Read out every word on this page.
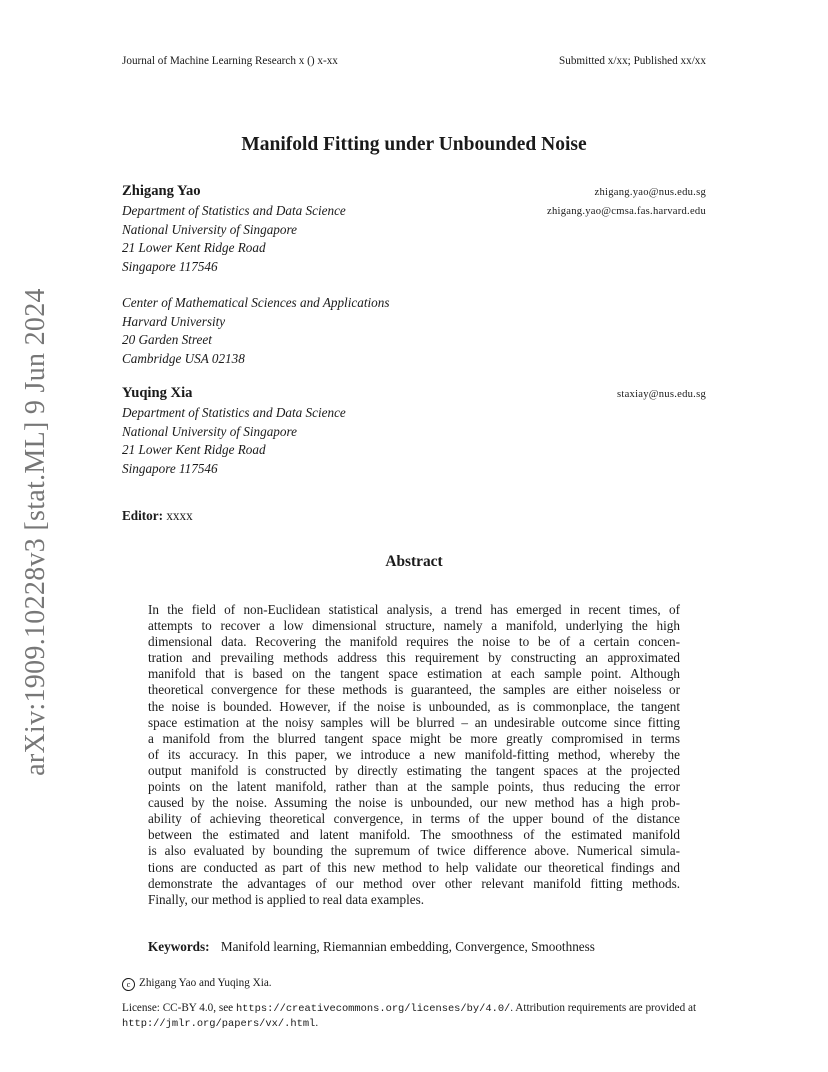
arXiv:1909.10228v3 [stat.ML] 9 Jun 2024
Journal of Machine Learning Research x () x-xx	Submitted x/xx; Published xx/xx
Manifold Fitting under Unbounded Noise
Zhigang Yao	zhigang.yao@nus.edu.sg
zhigang.yao@cmsa.fas.harvard.edu
Department of Statistics and Data Science
National University of Singapore
21 Lower Kent Ridge Road
Singapore 117546
Center of Mathematical Sciences and Applications
Harvard University
20 Garden Street
Cambridge USA 02138
Yuqing Xia	staxiay@nus.edu.sg
Department of Statistics and Data Science
National University of Singapore
21 Lower Kent Ridge Road
Singapore 117546
Editor: xxxx
Abstract
In the field of non-Euclidean statistical analysis, a trend has emerged in recent times, of
attempts to recover a low dimensional structure, namely a manifold, underlying the high
dimensional data. Recovering the manifold requires the noise to be of a certain concen-
tration and prevailing methods address this requirement by constructing an approximated
manifold that is based on the tangent space estimation at each sample point. Although
theoretical convergence for these methods is guaranteed, the samples are either noiseless or
the noise is bounded. However, if the noise is unbounded, as is commonplace, the tangent
space estimation at the noisy samples will be blurred – an undesirable outcome since fitting
a manifold from the blurred tangent space might be more greatly compromised in terms
of its accuracy. In this paper, we introduce a new manifold-fitting method, whereby the
output manifold is constructed by directly estimating the tangent spaces at the projected
points on the latent manifold, rather than at the sample points, thus reducing the error
caused by the noise. Assuming the noise is unbounded, our new method has a high prob-
ability of achieving theoretical convergence, in terms of the upper bound of the distance
between the estimated and latent manifold. The smoothness of the estimated manifold
is also evaluated by bounding the supremum of twice difference above. Numerical simula-
tions are conducted as part of this new method to help validate our theoretical findings and
demonstrate the advantages of our method over other relevant manifold fitting methods.
Finally, our method is applied to real data examples.
Keywords: Manifold learning, Riemannian embedding, Convergence, Smoothness
c Zhigang Yao and Yuqing Xia.
License: CC-BY 4.0, see https://creativecommons.org/licenses/by/4.0/. Attribution requirements are provided at http://jmlr.org/papers/vx/.html.
